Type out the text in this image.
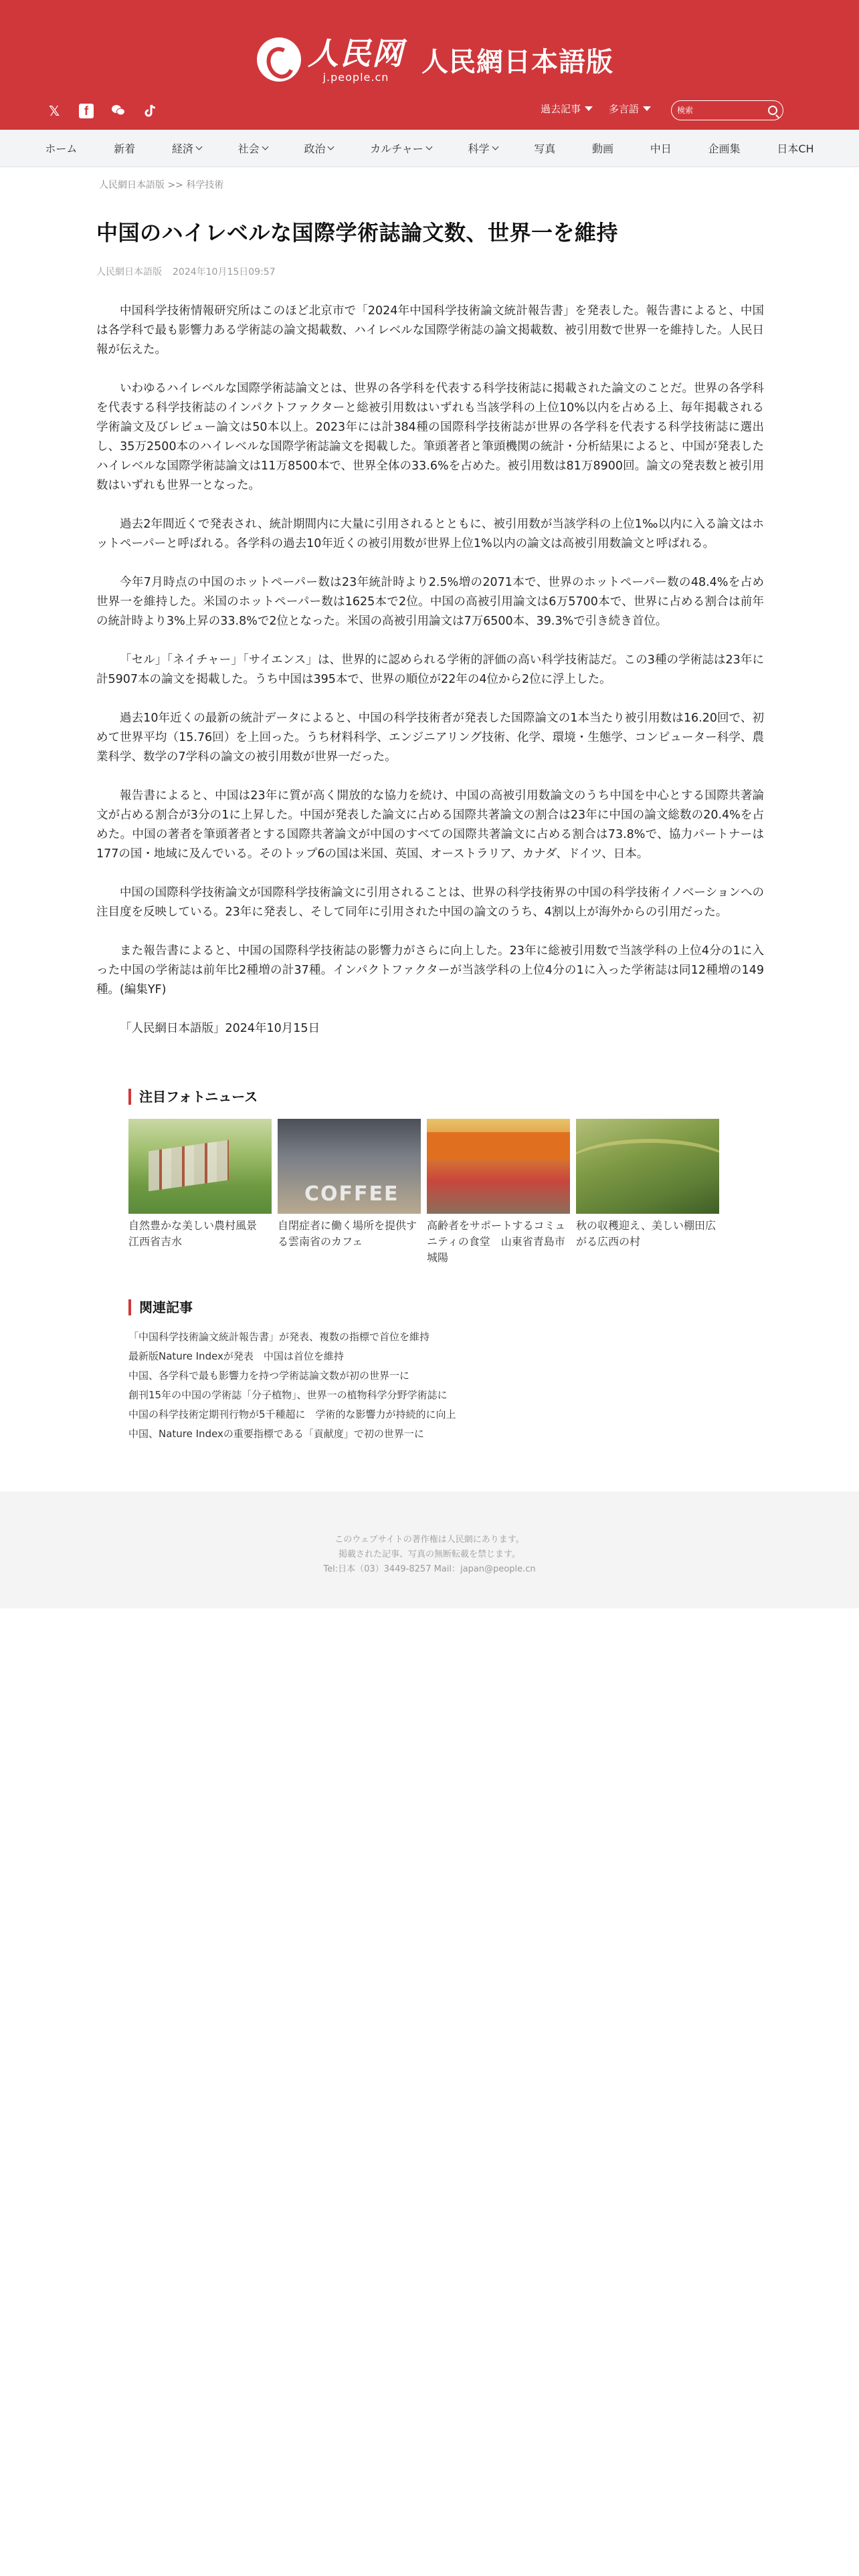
人民网
j.people.cn 人民網日本語版
𝕏	f	過去記事	多言語
検索
ホーム	新着	経済	社会	政治	カルチャー	科学	写真	動画	中日	企画集	日本CH
人民網日本語版 >> 科学技術
中国のハイレベルな国際学術誌論文数、世界一を維持
人民網日本語版 2024年10月15日09:57

中国科学技術情報研究所はこのほど北京市で「2024年中国科学技術論文統計報告書」を発表した。報告書によると、中国は各学科で最も影響力ある学術誌の論文掲載数、ハイレベルな国際学術誌の論文掲載数、被引用数で世界一を維持した。人民日報が伝えた。

いわゆるハイレベルな国際学術誌論文とは、世界の各学科を代表する科学技術誌に掲載された論文のことだ。世界の各学科を代表する科学技術誌のインパクトファクターと総被引用数はいずれも当該学科の上位10%以内を占める上、毎年掲載される学術論文及びレビュー論文は50本以上。2023年には計384種の国際科学技術誌が世界の各学科を代表する科学技術誌に選出し、35万2500本のハイレベルな国際学術誌論文を掲載した。筆頭著者と筆頭機関の統計・分析結果によると、中国が発表したハイレベルな国際学術誌論文は11万8500本で、世界全体の33.6%を占めた。被引用数は81万8900回。論文の発表数と被引用数はいずれも世界一となった。

過去2年間近くで発表され、統計期間内に大量に引用されるとともに、被引用数が当該学科の上位1‰以内に入る論文はホットペーパーと呼ばれる。各学科の過去10年近くの被引用数が世界上位1%以内の論文は高被引用数論文と呼ばれる。

今年7月時点の中国のホットペーパー数は23年統計時より2.5%増の2071本で、世界のホットペーパー数の48.4%を占め世界一を維持した。米国のホットペーパー数は1625本で2位。中国の高被引用論文は6万5700本で、世界に占める割合は前年の統計時より3%上昇の33.8%で2位となった。米国の高被引用論文は7万6500本、39.3%で引き続き首位。

「セル」「ネイチャー」「サイエンス」は、世界的に認められる学術的評価の高い科学技術誌だ。この3種の学術誌は23年に計5907本の論文を掲載した。うち中国は395本で、世界の順位が22年の4位から2位に浮上した。

過去10年近くの最新の統計データによると、中国の科学技術者が発表した国際論文の1本当たり被引用数は16.20回で、初めて世界平均（15.76回）を上回った。うち材料科学、エンジニアリング技術、化学、環境・生態学、コンピューター科学、農業科学、数学の7学科の論文の被引用数が世界一だった。

報告書によると、中国は23年に質が高く開放的な協力を続け、中国の高被引用数論文のうち中国を中心とする国際共著論文が占める割合が3分の1に上昇した。中国が発表した論文に占める国際共著論文の割合は23年に中国の論文総数の20.4%を占めた。中国の著者を筆頭著者とする国際共著論文が中国のすべての国際共著論文に占める割合は73.8%で、協力パートナーは177の国・地域に及んでいる。そのトップ6の国は米国、英国、オーストラリア、カナダ、ドイツ、日本。

中国の国際科学技術論文が国際科学技術論文に引用されることは、世界の科学技術界の中国の科学技術イノベーションへの注目度を反映している。23年に発表し、そして同年に引用された中国の論文のうち、4割以上が海外からの引用だった。

また報告書によると、中国の国際科学技術誌の影響力がさらに向上した。23年に総被引用数で当該学科の上位4分の1に入った中国の学術誌は前年比2種増の計37種。インパクトファクターが当該学科の上位4分の1に入った学術誌は同12種増の149種。(編集YF)

「人民網日本語版」2024年10月15日

注目フォトニュース
自然豊かな美しい農村風景　江西省吉水
COFFEE
自閉症者に働く場所を提供する雲南省のカフェ
高齢者をサポートするコミュニティの食堂　山東省青島市城陽
秋の収穫迎え、美しい棚田広がる広西の村
関連記事
「中国科学技術論文統計報告書」が発表、複数の指標で首位を維持
最新版Nature Indexが発表　中国は首位を維持
中国、各学科で最も影響力を持つ学術誌論文数が初の世界一に
創刊15年の中国の学術誌「分子植物」、世界一の植物科学分野学術誌に
中国の科学技術定期刊行物が5千種超に　学術的な影響力が持続的に向上
中国、Nature Indexの重要指標である「貢献度」で初の世界一に
このウェブサイトの著作権は人民網にあります。
掲載された記事、写真の無断転載を禁じます。
Tel:日本（03）3449-8257 Mail：japan@people.cn
